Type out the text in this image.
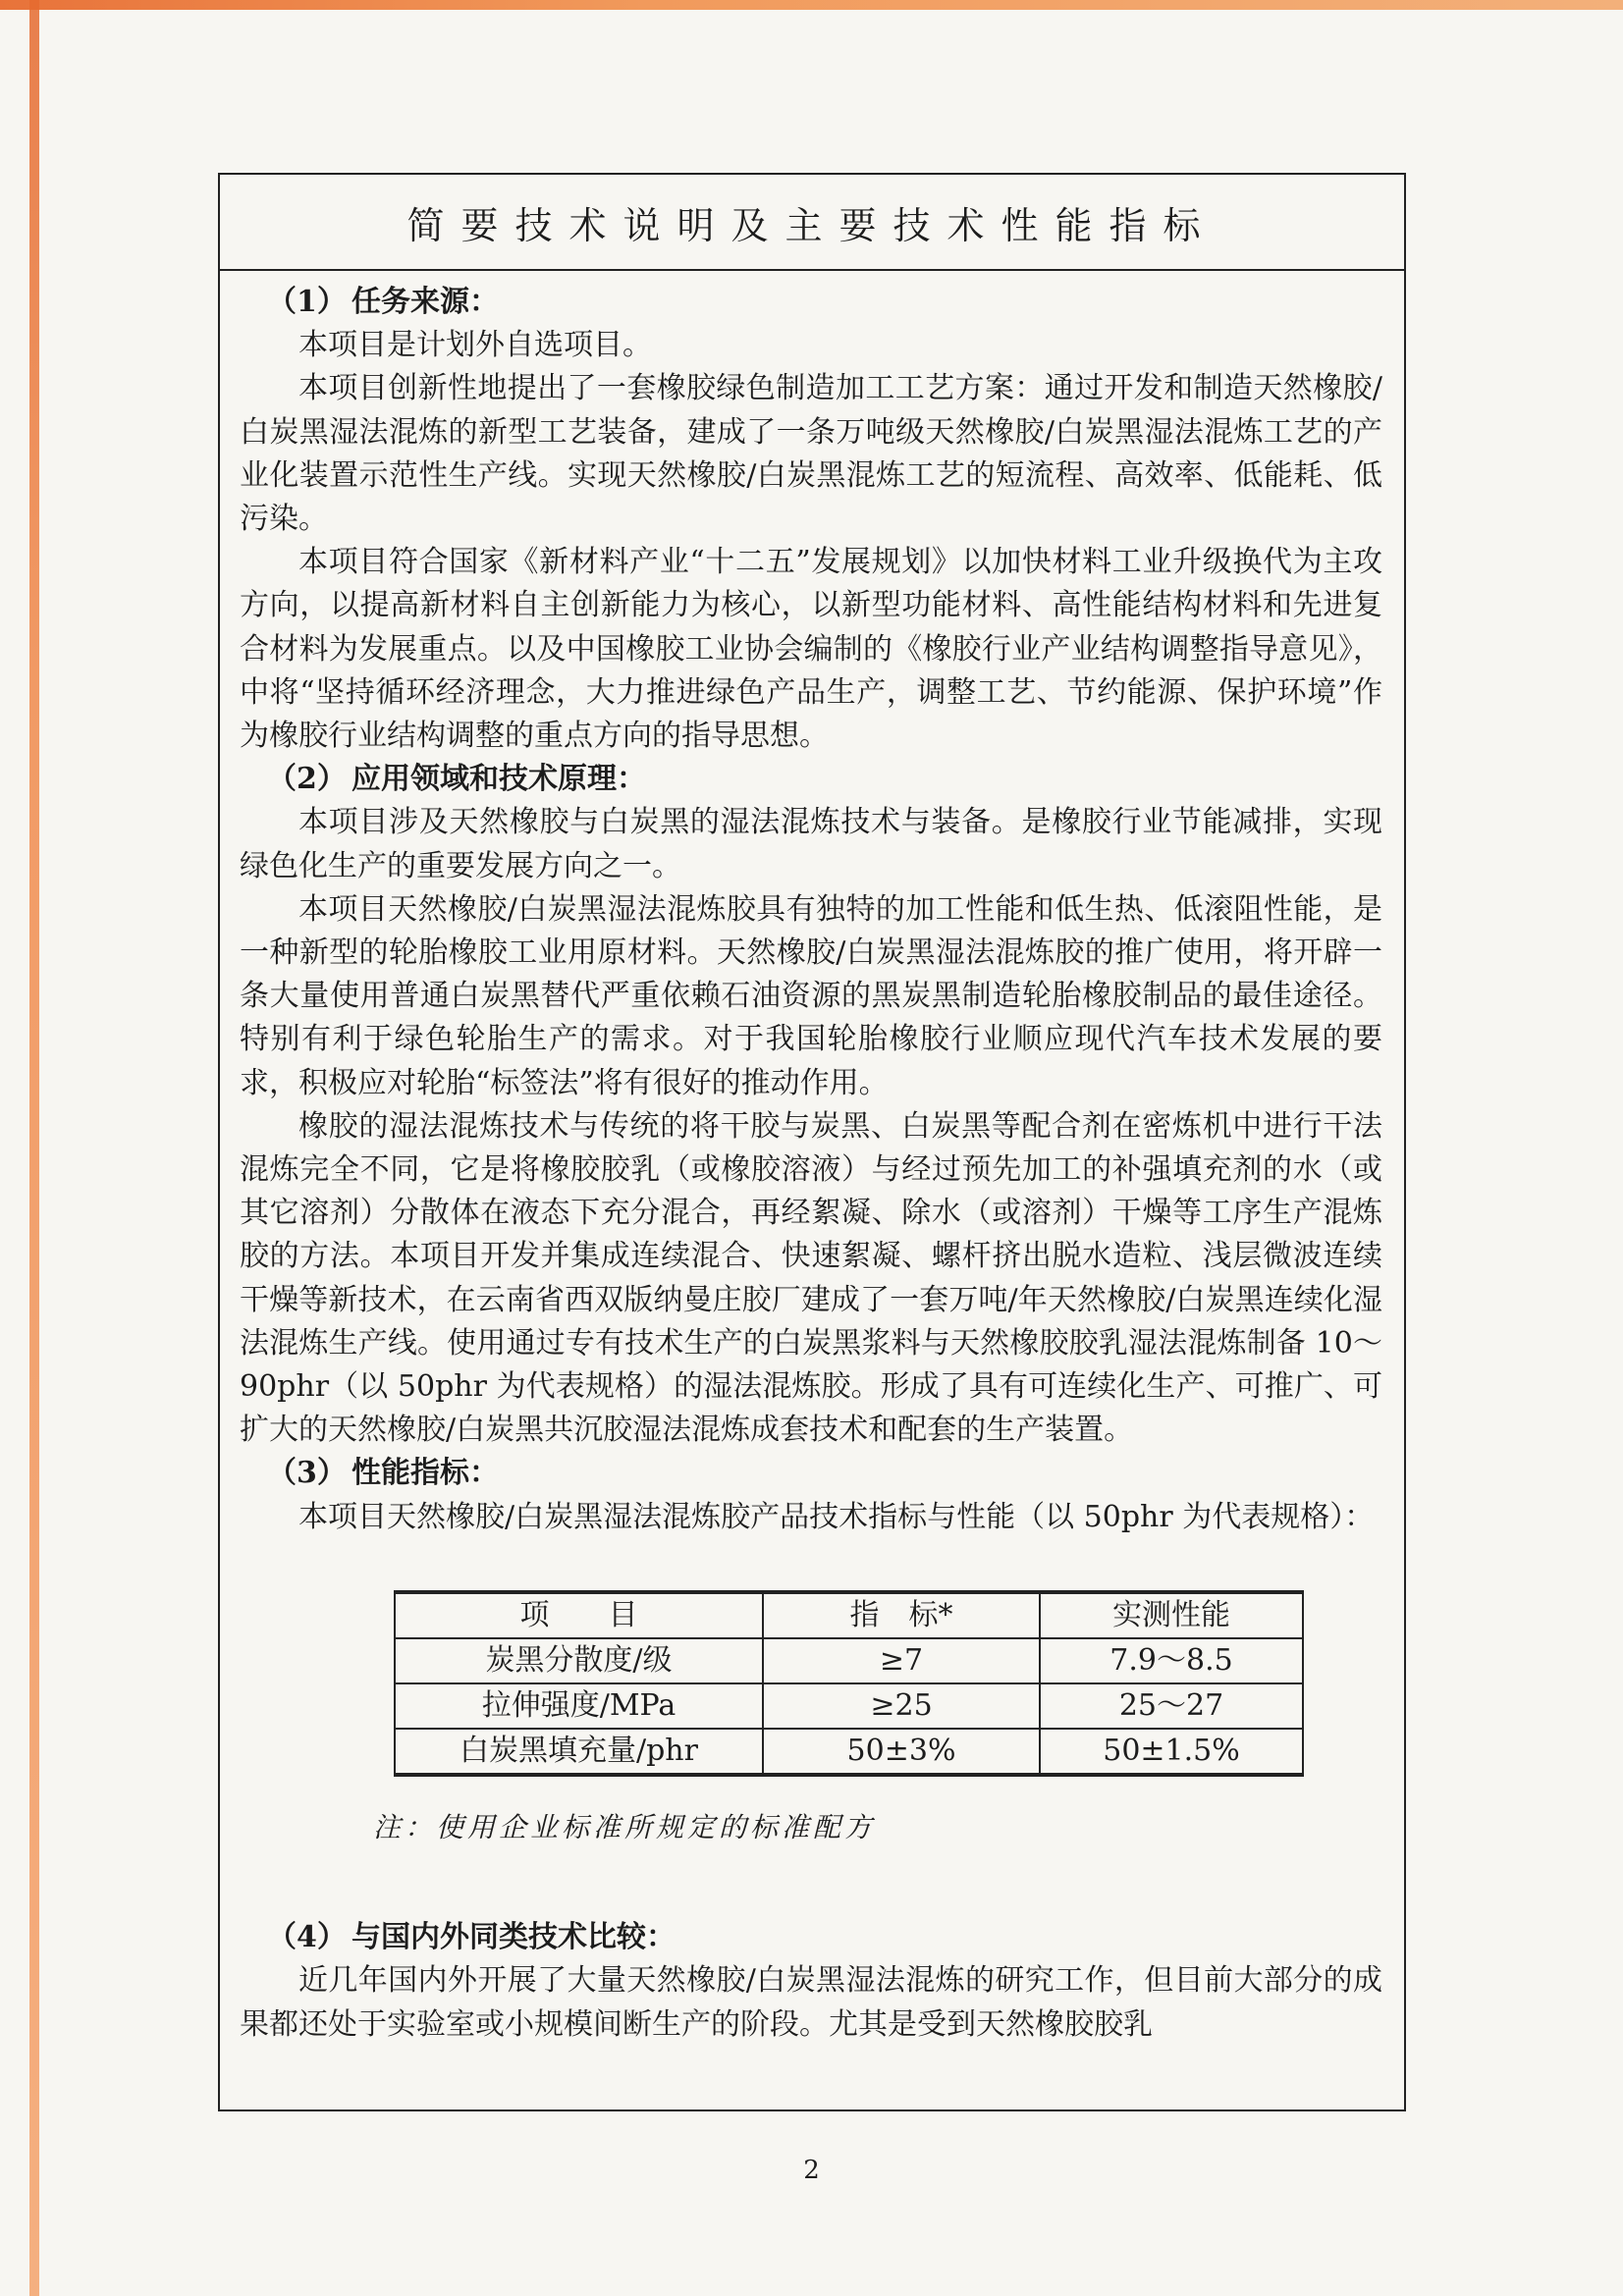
简要技术说明及主要技术性能指标
（1） 任务来源：

本项目是计划外自选项目。

本项目创新性地提出了一套橡胶绿色制造加工工艺方案：通过开发和制造天然橡胶/白炭黑湿法混炼的新型工艺装备，建成了一条万吨级天然橡胶/白炭黑湿法混炼工艺的产业化装置示范性生产线。实现天然橡胶/白炭黑混炼工艺的短流程、高效率、低能耗、低污染。

本项目符合国家《新材料产业“十二五”发展规划》以加快材料工业升级换代为主攻方向，以提高新材料自主创新能力为核心，以新型功能材料、高性能结构材料和先进复合材料为发展重点。以及中国橡胶工业协会编制的《橡胶行业产业结构调整指导意见》，中将“坚持循环经济理念，大力推进绿色产品生产，调整工艺、节约能源、保护环境”作为橡胶行业结构调整的重点方向的指导思想。

（2） 应用领域和技术原理：

本项目涉及天然橡胶与白炭黑的湿法混炼技术与装备。是橡胶行业节能减排，实现绿色化生产的重要发展方向之一。

本项目天然橡胶/白炭黑湿法混炼胶具有独特的加工性能和低生热、低滚阻性能，是一种新型的轮胎橡胶工业用原材料。天然橡胶/白炭黑湿法混炼胶的推广使用，将开辟一条大量使用普通白炭黑替代严重依赖石油资源的黑炭黑制造轮胎橡胶制品的最佳途径。特别有利于绿色轮胎生产的需求。对于我国轮胎橡胶行业顺应现代汽车技术发展的要求，积极应对轮胎“标签法”将有很好的推动作用。

橡胶的湿法混炼技术与传统的将干胶与炭黑、白炭黑等配合剂在密炼机中进行干法混炼完全不同，它是将橡胶胶乳（或橡胶溶液）与经过预先加工的补强填充剂的水（或其它溶剂）分散体在液态下充分混合，再经絮凝、除水（或溶剂）干燥等工序生产混炼胶的方法。本项目开发并集成连续混合、快速絮凝、螺杆挤出脱水造粒、浅层微波连续干燥等新技术，在云南省西双版纳曼庄胶厂建成了一套万吨/年天然橡胶/白炭黑连续化湿法混炼生产线。使用通过专有技术生产的白炭黑浆料与天然橡胶胶乳湿法混炼制备 10～90phr（以 50phr 为代表规格）的湿法混炼胶。形成了具有可连续化生产、可推广、可扩大的天然橡胶/白炭黑共沉胶湿法混炼成套技术和配套的生产装置。

（3） 性能指标：

本项目天然橡胶/白炭黑湿法混炼胶产品技术指标与性能（以 50phr 为代表规格）：

项　　目	指　标*	实测性能
炭黑分散度/级	≥7	7.9～8.5
拉伸强度/MPa	≥25	25～27
白炭黑填充量/phr	50±3%	50±1.5%
注：使用企业标准所规定的标准配方
（4） 与国内外同类技术比较：

近几年国内外开展了大量天然橡胶/白炭黑湿法混炼的研究工作，但目前大部分的成果都还处于实验室或小规模间断生产的阶段。尤其是受到天然橡胶胶乳

2
